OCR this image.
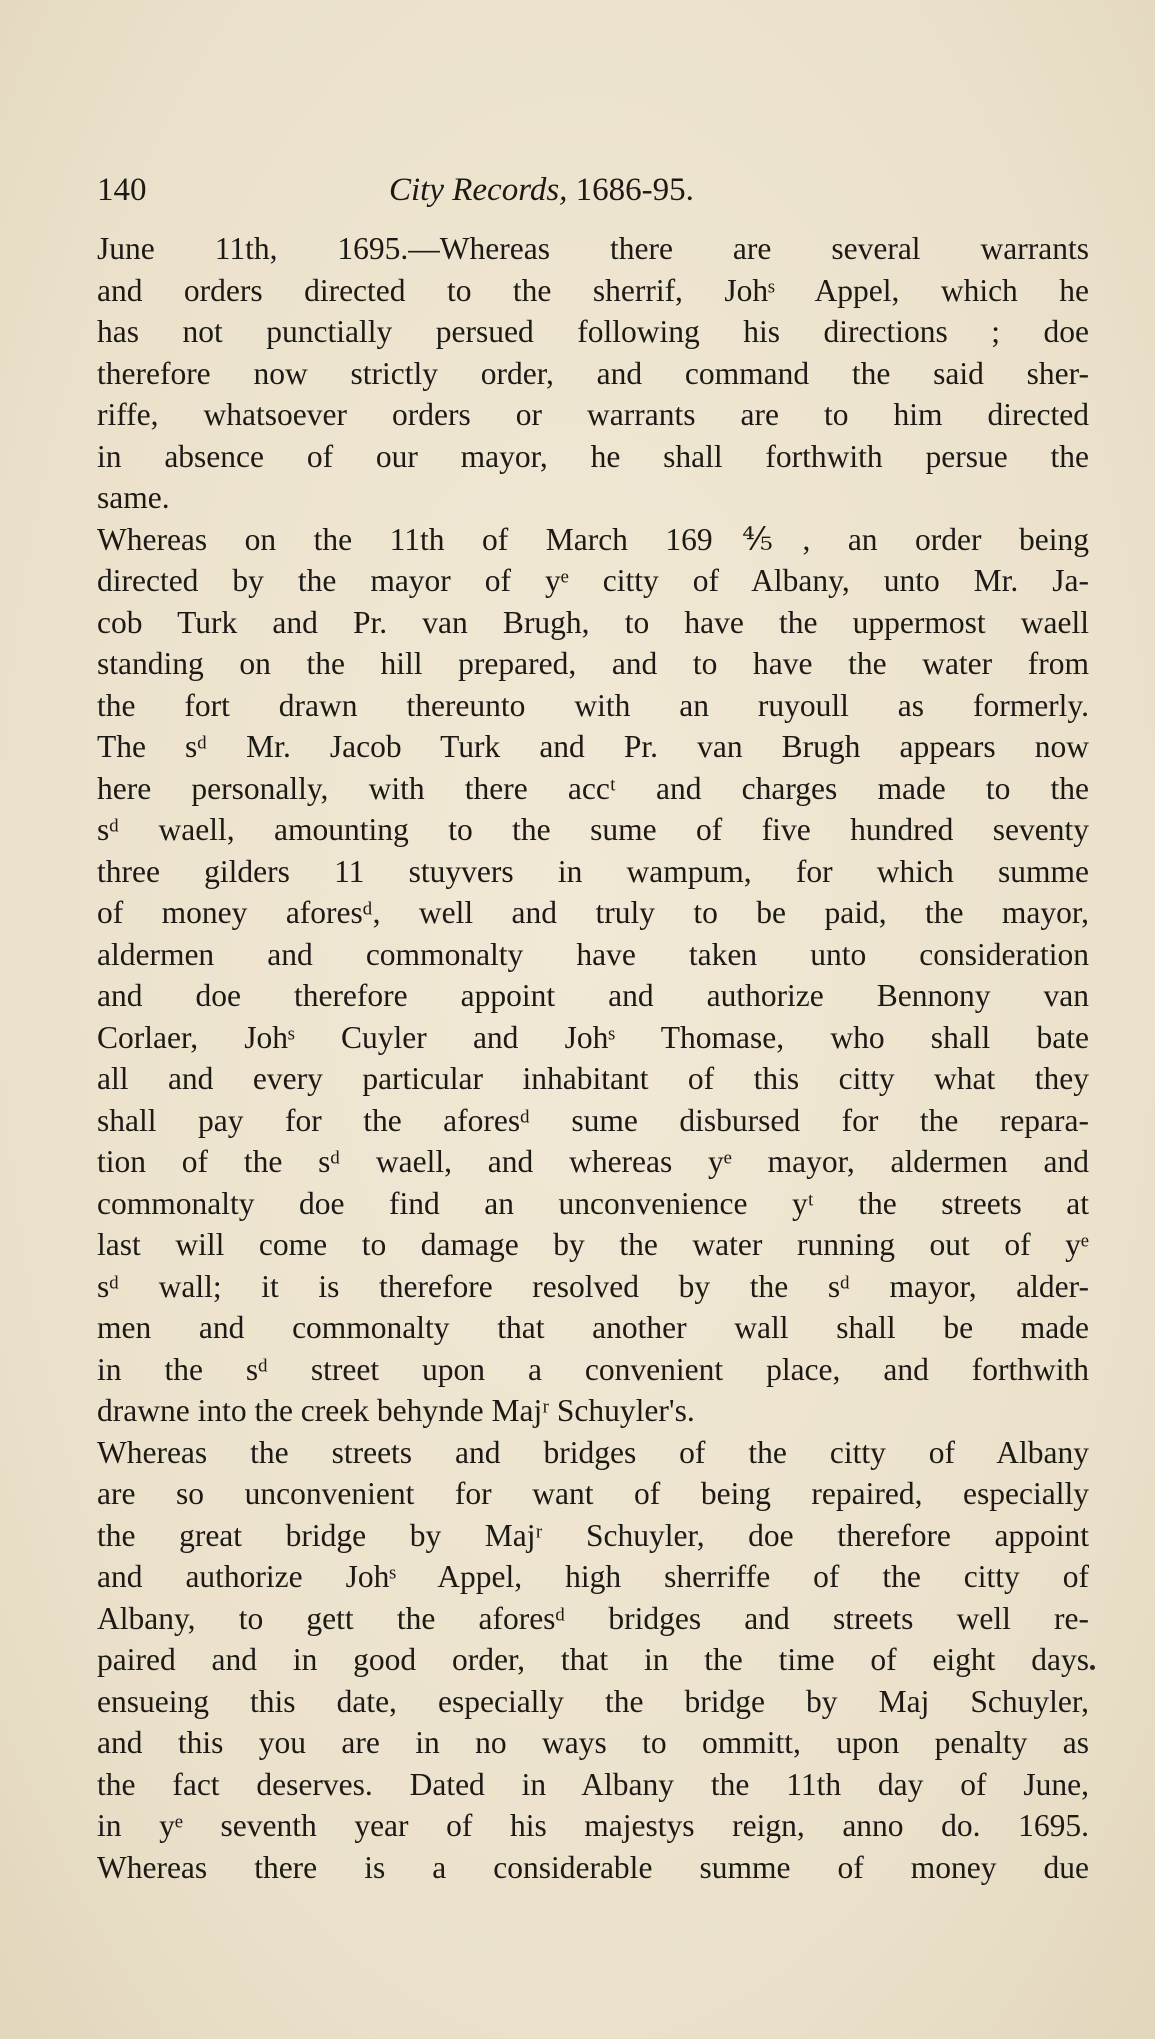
140	City Records, 1686-95.
June 11th, 1695.—Whereas there are several warrants
and orders directed to the sherrif, Johˢ Appel, which he
has not punctially persued following his directions ; doe
therefore now strictly order, and command the said sher-
riffe, whatsoever orders or warrants are to him directed
in absence of our mayor, he shall forthwith persue the
same.
Whereas on the 11th of March 169⅘, an order being
directed by the mayor of yᵉ citty of Albany, unto Mr. Ja-
cob Turk and Pr. van Brugh, to have the uppermost waell
standing on the hill prepared, and to have the water from
the fort drawn thereunto with an ruyoull as formerly.
The sᵈ Mr. Jacob Turk and Pr. van Brugh appears now
here personally, with there accᵗ and charges made to the
sᵈ waell, amounting to the sume of five hundred seventy
three gilders 11 stuyvers in wampum, for which summe
of money aforesᵈ, well and truly to be paid, the mayor,
aldermen and commonalty have taken unto consideration
and doe therefore appoint and authorize Bennony van
Corlaer, Johˢ Cuyler and Johˢ Thomase, who shall bate
all and every particular inhabitant of this citty what they
shall pay for the aforesᵈ sume disbursed for the repara-
tion of the sᵈ waell, and whereas yᵉ mayor, aldermen and
commonalty doe find an unconvenience yᵗ the streets at
last will come to damage by the water running out of yᵉ
sᵈ wall; it is therefore resolved by the sᵈ mayor, alder-
men and commonalty that another wall shall be made
in the sᵈ street upon a convenient place, and forthwith
drawne into the creek behynde Majʳ Schuyler's.
Whereas the streets and bridges of the citty of Albany
are so unconvenient for want of being repaired, especially
the great bridge by Majʳ Schuyler, doe therefore appoint
and authorize Johˢ Appel, high sherriffe of the citty of
Albany, to gett the aforesᵈ bridges and streets well re-
paired and in good order, that in the time of eight days
ensueing this date, especially the bridge by Maj Schuyler,
and this you are in no ways to ommitt, upon penalty as
the fact deserves. Dated in Albany the 11th day of June,
in yᵉ seventh year of his majestys reign, anno do. 1695.
Whereas there is a considerable summe of money due
